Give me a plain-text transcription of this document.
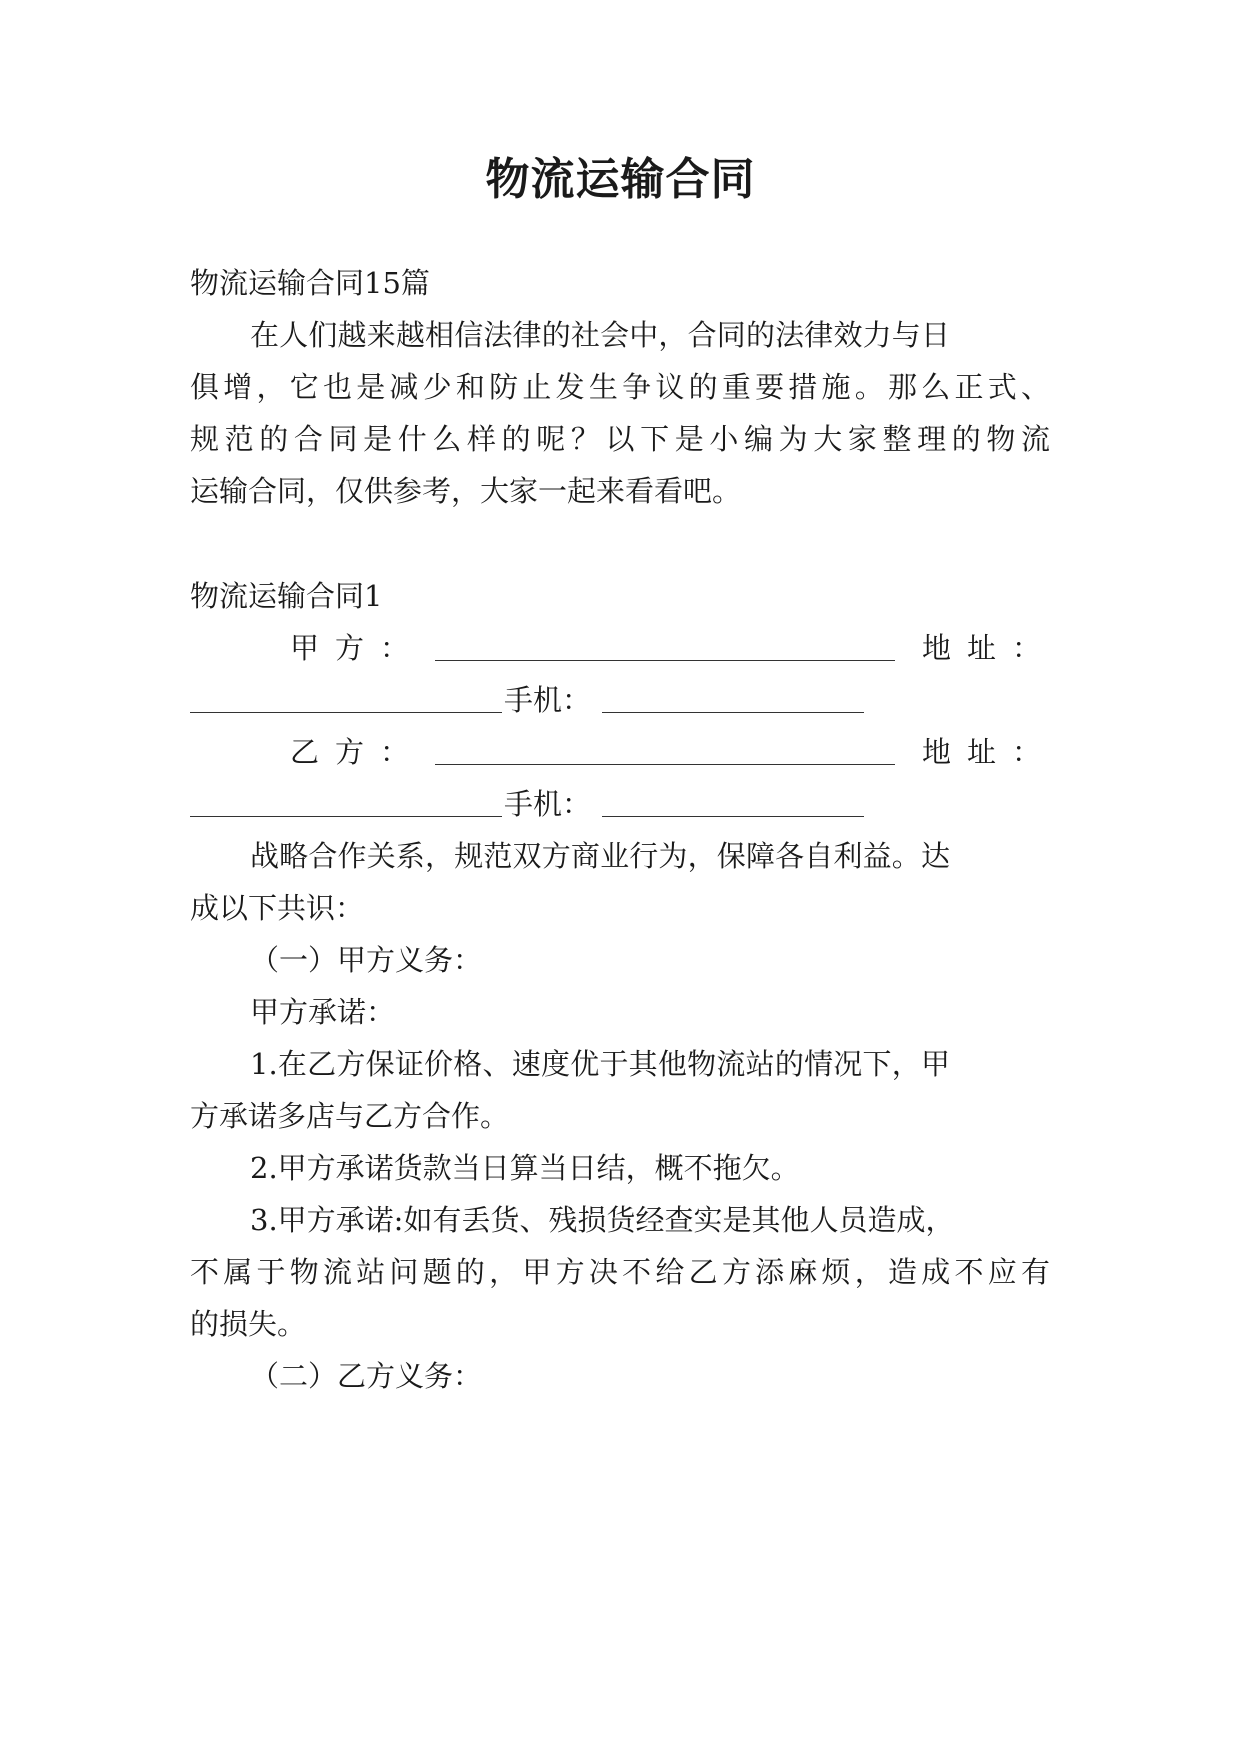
物流运输合同
物流运输合同15篇
在人们越来越相信法律的社会中，合同的法律效力与日
俱增，它也是减少和防止发生争议的重要措施。那么正式、
规范的合同是什么样的呢？以下是小编为大家整理的物流
运输合同，仅供参考，大家一起来看看吧。
物流运输合同1
甲方：	地址：
手机：
乙方：	地址：
手机：
战略合作关系，规范双方商业行为，保障各自利益。达
成以下共识：
（一）甲方义务：
甲方承诺：
1.在乙方保证价格、速度优于其他物流站的情况下，甲
方承诺多店与乙方合作。
2.甲方承诺货款当日算当日结，概不拖欠。
3.甲方承诺:如有丢货、残损货经查实是其他人员造成，
不属于物流站问题的，甲方决不给乙方添麻烦，造成不应有
的损失。
（二）乙方义务：
